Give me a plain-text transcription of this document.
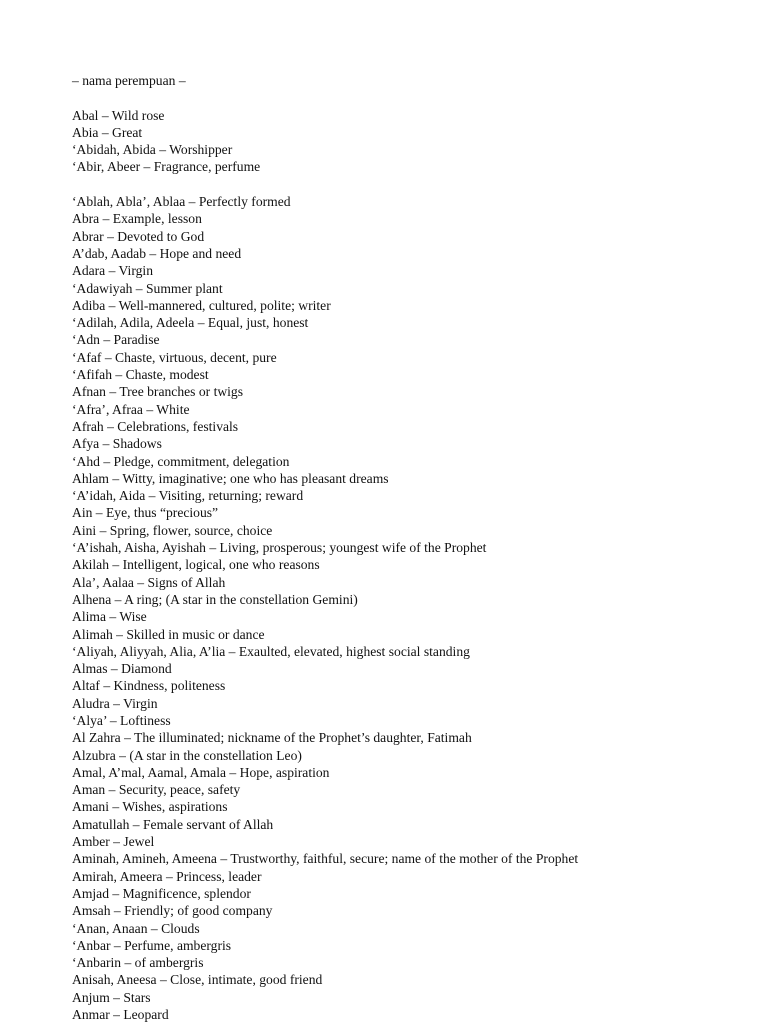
– nama perempuan –
Abal – Wild rose
Abia – Great
‘Abidah, Abida – Worshipper
‘Abir, Abeer – Fragrance, perfume
‘Ablah, Abla’, Ablaa – Perfectly formed
Abra – Example, lesson
Abrar – Devoted to God
A’dab, Aadab – Hope and need
Adara – Virgin
‘Adawiyah – Summer plant
Adiba – Well-mannered, cultured, polite; writer
‘Adilah, Adila, Adeela – Equal, just, honest
‘Adn – Paradise
‘Afaf – Chaste, virtuous, decent, pure
‘Afifah – Chaste, modest
Afnan – Tree branches or twigs
‘Afra’, Afraa – White
Afrah – Celebrations, festivals
Afya – Shadows
‘Ahd – Pledge, commitment, delegation
Ahlam – Witty, imaginative; one who has pleasant dreams
‘A’idah, Aida – Visiting, returning; reward
Ain – Eye, thus “precious”
Aini – Spring, flower, source, choice
‘A’ishah, Aisha, Ayishah – Living, prosperous; youngest wife of the Prophet
Akilah – Intelligent, logical, one who reasons
Ala’, Aalaa – Signs of Allah
Alhena – A ring; (A star in the constellation Gemini)
Alima – Wise
Alimah – Skilled in music or dance
‘Aliyah, Aliyyah, Alia, A’lia – Exaulted, elevated, highest social standing
Almas – Diamond
Altaf – Kindness, politeness
Aludra – Virgin
‘Alya’ – Loftiness
Al Zahra – The illuminated; nickname of the Prophet’s daughter, Fatimah
Alzubra – (A star in the constellation Leo)
Amal, A’mal, Aamal, Amala – Hope, aspiration
Aman – Security, peace, safety
Amani – Wishes, aspirations
Amatullah – Female servant of Allah
Amber – Jewel
Aminah, Amineh, Ameena – Trustworthy, faithful, secure; name of the mother of the Prophet
Amirah, Ameera – Princess, leader
Amjad – Magnificence, splendor
Amsah – Friendly; of good company
‘Anan, Anaan – Clouds
‘Anbar – Perfume, ambergris
‘Anbarin – of ambergris
Anisah, Aneesa – Close, intimate, good friend
Anjum – Stars
Anmar – Leopard
